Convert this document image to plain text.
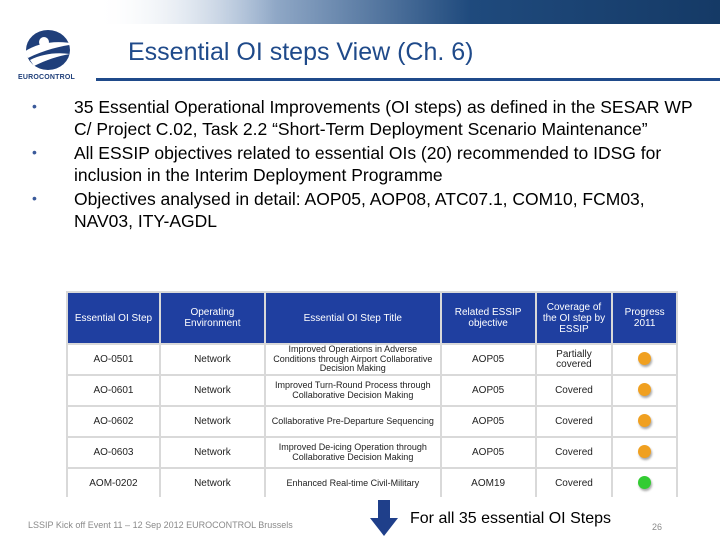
EUROCONTROL
Essential OI steps View (Ch. 6)
• 35 Essential Operational Improvements (OI steps) as defined in the SESAR WP C/ Project C.02, Task 2.2 “Short-Term Deployment Scenario Maintenance”
• All ESSIP objectives related to essential OIs (20) recommended to IDSG for inclusion in the Interim Deployment Programme
• Objectives analysed in detail: AOP05, AOP08, ATC07.1, COM10, FCM03, NAV03, ITY-AGDL
Essential OI Step	Operating Environment	Essential OI Step Title	Related ESSIP objective	Coverage of the OI step by ESSIP	Progress 2011
AO-0501	Network	Improved Operations in Adverse Conditions through Airport Collaborative Decision Making	AOP05	Partially covered	
AO-0601	Network	Improved Turn-Round Process through Collaborative Decision Making	AOP05	Covered	
AO-0602	Network	Collaborative Pre-Departure Sequencing	AOP05	Covered	
AO-0603	Network	Improved De-icing Operation through Collaborative Decision Making	AOP05	Covered	
AOM-0202	Network	Enhanced Real-time Civil-Military	AOM19	Covered	
LSSIP Kick off Event 11 – 12 Sep 2012 EUROCONTROL Brussels	For all 35 essential OI Steps	26
